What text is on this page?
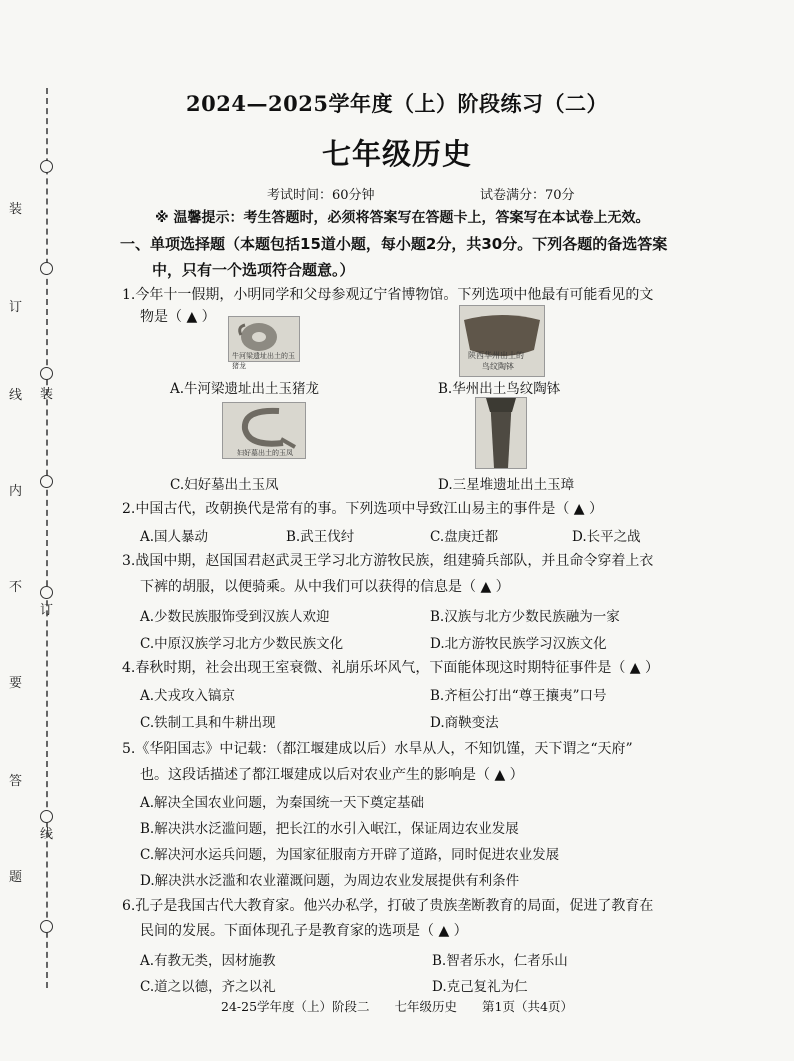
装
订
线
内
不
要
答
题
装
订
线
2024—2025学年度（上）阶段练习（二）
七年级历史
考试时间：60分钟	试卷满分：70分
※ 温馨提示：考生答题时，必须将答案写在答题卡上，答案写在本试卷上无效。
一、单项选择题（本题包括15道小题，每小题2分，共30分。下列各题的备选答案
中，只有一个选项符合题意。）
1.今年十一假期，小明同学和父母参观辽宁省博物馆。下列选项中他最有可能看见的文
物是（ ▲ ）
牛河梁遗址出土的玉猪龙
陕西华州出土的
鸟纹陶钵
A.牛河梁遗址出土玉猪龙	B.华州出土鸟纹陶钵
妇好墓出土的玉凤
C.妇好墓出土玉凤	D.三星堆遗址出土玉璋
2.中国古代，改朝换代是常有的事。下列选项中导致江山易主的事件是（ ▲ ）
A.国人暴动	B.武王伐纣	C.盘庚迁都	D.长平之战
3.战国中期，赵国国君赵武灵王学习北方游牧民族，组建骑兵部队，并且命令穿着上衣
下裤的胡服，以便骑乘。从中我们可以获得的信息是（ ▲ ）
A.少数民族服饰受到汉族人欢迎	B.汉族与北方少数民族融为一家
C.中原汉族学习北方少数民族文化	D.北方游牧民族学习汉族文化
4.春秋时期，社会出现王室衰微、礼崩乐坏风气，下面能体现这时期特征事件是（ ▲ ）
A.犬戎攻入镐京	B.齐桓公打出“尊王攘夷”口号
C.铁制工具和牛耕出现	D.商鞅变法
5.《华阳国志》中记载：（都江堰建成以后）水旱从人，不知饥馑，天下谓之“天府”
也。这段话描述了都江堰建成以后对农业产生的影响是（ ▲ ）
A.解决全国农业问题，为秦国统一天下奠定基础
B.解决洪水泛滥问题，把长江的水引入岷江，保证周边农业发展
C.解决河水运兵问题，为国家征服南方开辟了道路，同时促进农业发展
D.解决洪水泛滥和农业灌溉问题，为周边农业发展提供有利条件
6.孔子是我国古代大教育家。他兴办私学，打破了贵族垄断教育的局面，促进了教育在
民间的发展。下面体现孔子是教育家的选项是（ ▲ ）
A.有教无类，因材施教	B.智者乐水，仁者乐山
C.道之以德，齐之以礼	D.克己复礼为仁
24-25学年度（上）阶段二　　七年级历史　　第1页（共4页）
